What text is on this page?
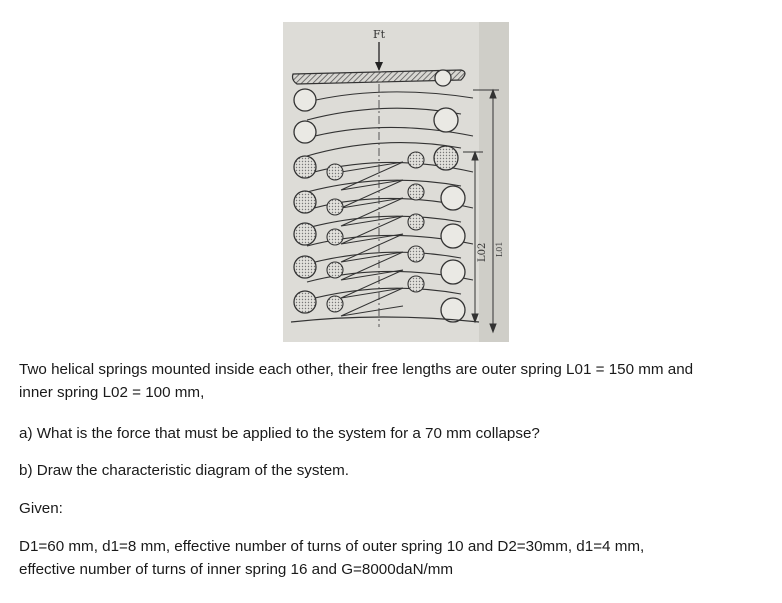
Ft
L02 L01
Two helical springs mounted inside each other, their free lengths are outer spring L01 = 150 mm and
inner spring L02 = 100 mm,
a) What is the force that must be applied to the system for a 70 mm collapse?
b) Draw the characteristic diagram of the system.
Given:
D1=60 mm, d1=8 mm, effective number of turns of outer spring 10 and D2=30mm, d1=4 mm,
effective number of turns of inner spring 16 and G=8000daN/mm
